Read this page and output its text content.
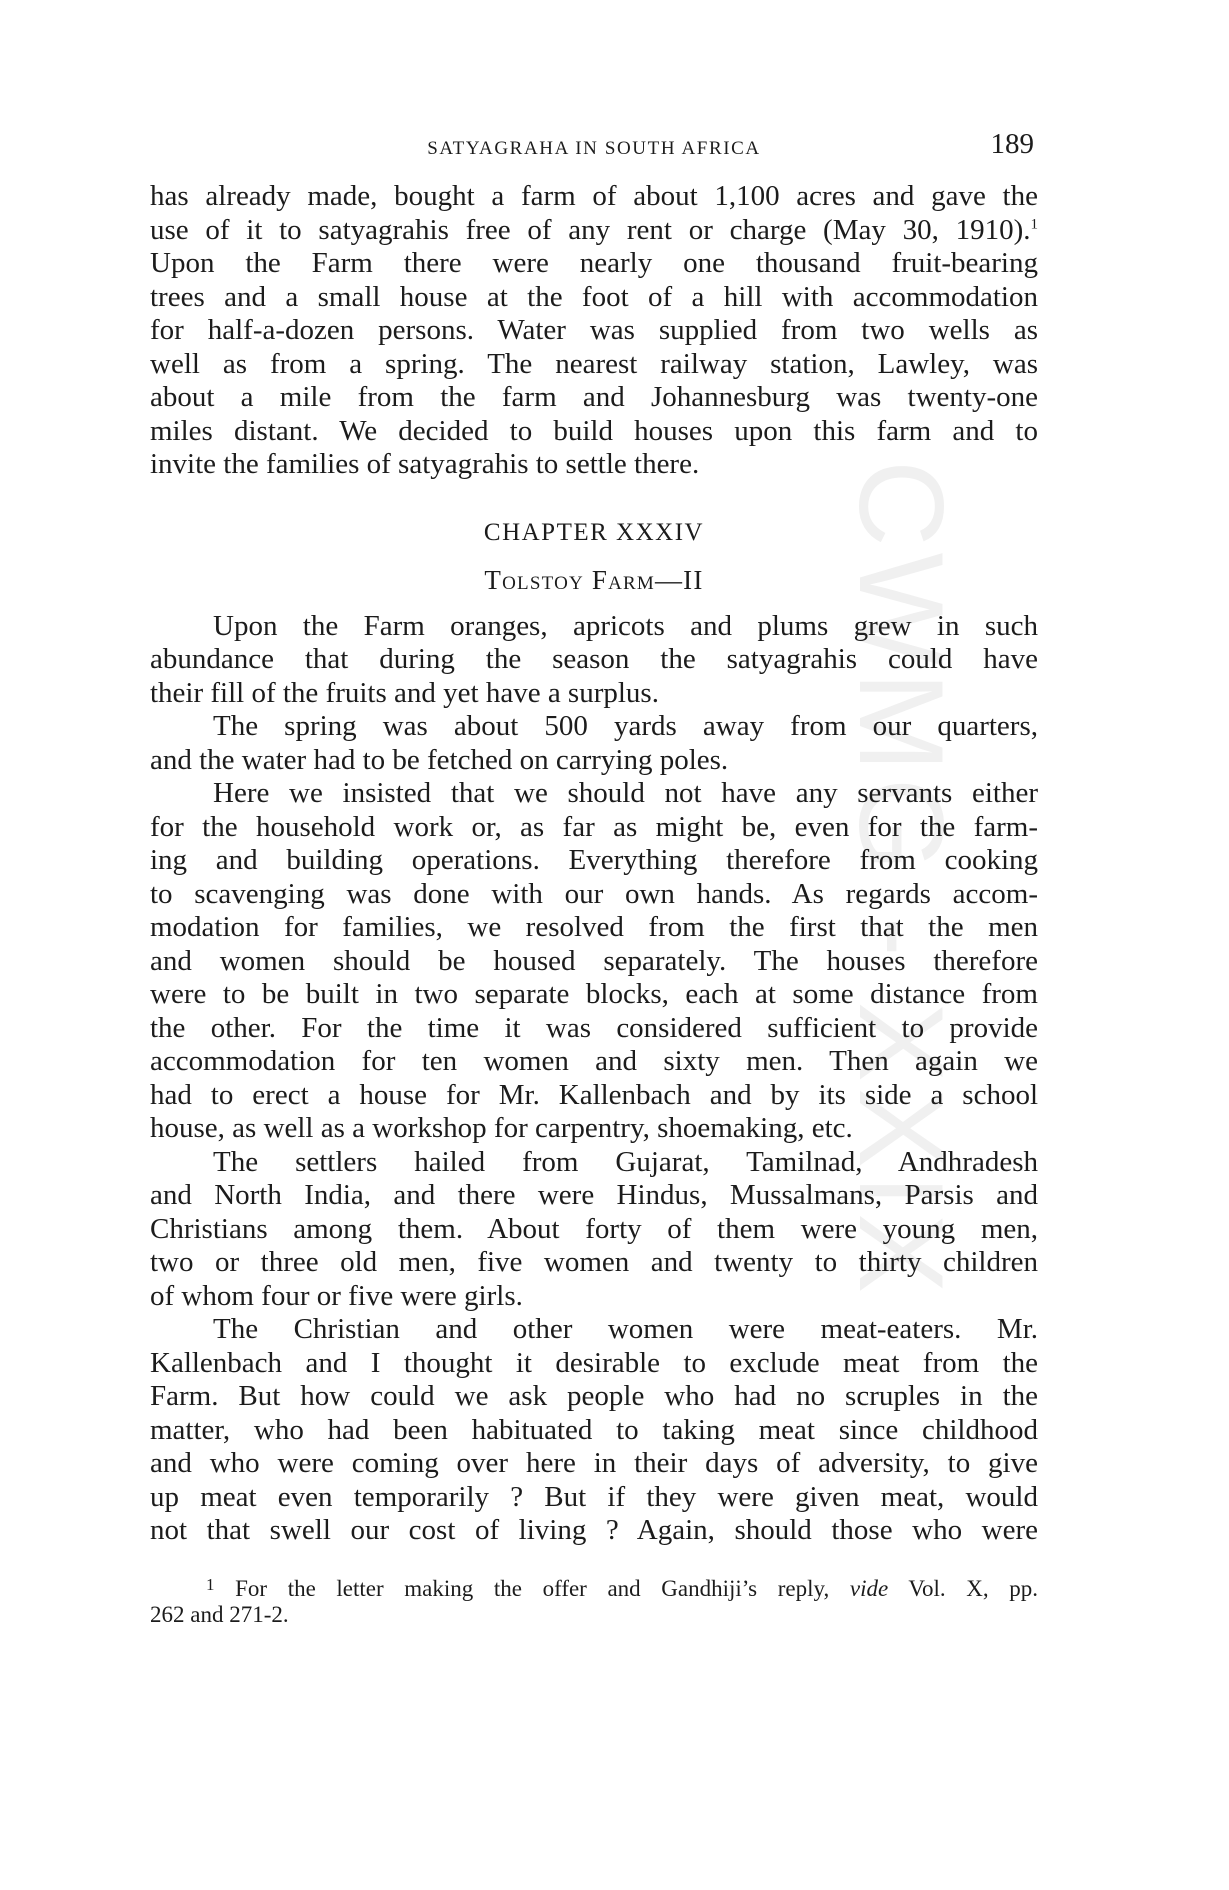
CWMG - XXIX
SATYAGRAHA IN SOUTH AFRICA	189
has already made, bought a farm of about 1,100 acres and gave the
use of it to satyagrahis free of any rent or charge (May 30, 1910).$^1$
Upon the Farm there were nearly one thousand fruit-bearing
trees and a small house at the foot of a hill with accommodation
for half-a-dozen persons. Water was supplied from two wells as
well as from a spring. The nearest railway station, Lawley, was
about a mile from the farm and Johannesburg was twenty-one
miles distant. We decided to build houses upon this farm and to
invite the families of satyagrahis to settle there.
CHAPTER XXXIV
Tolstoy Farm—II
Upon the Farm oranges, apricots and plums grew in such
abundance that during the season the satyagrahis could have
their fill of the fruits and yet have a surplus.
The spring was about 500 yards away from our quarters,
and the water had to be fetched on carrying poles.
Here we insisted that we should not have any servants either
for the household work or, as far as might be, even for the farm-
ing and building operations. Everything therefore from cooking
to scavenging was done with our own hands. As regards accom-
modation for families, we resolved from the first that the men
and women should be housed separately. The houses therefore
were to be built in two separate blocks, each at some distance from
the other. For the time it was considered sufficient to provide
accommodation for ten women and sixty men. Then again we
had to erect a house for Mr. Kallenbach and by its side a school
house, as well as a workshop for carpentry, shoemaking, etc.
The settlers hailed from Gujarat, Tamilnad, Andhradesh
and North India, and there were Hindus, Mussalmans, Parsis and
Christians among them. About forty of them were young men,
two or three old men, five women and twenty to thirty children
of whom four or five were girls.
The Christian and other women were meat-eaters. Mr.
Kallenbach and I thought it desirable to exclude meat from the
Farm. But how could we ask people who had no scruples in the
matter, who had been habituated to taking meat since childhood
and who were coming over here in their days of adversity, to give
up meat even temporarily ? But if they were given meat, would
not that swell our cost of living ? Again, should those who were
$^1$ For the letter making the offer and Gandhiji’s reply, vide Vol. X, pp.
262 and 271-2.
